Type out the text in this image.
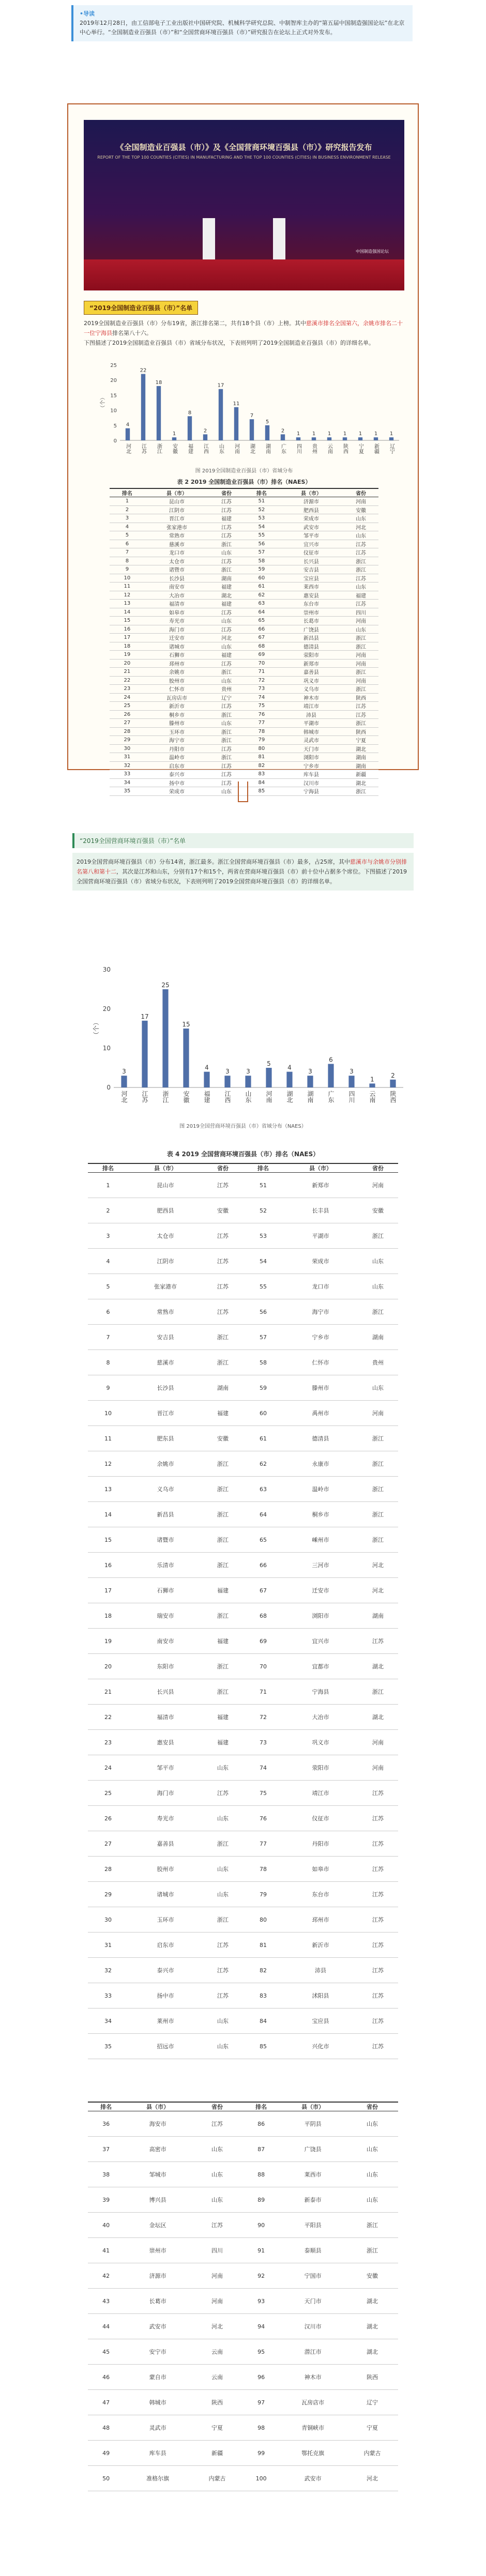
•导读
2019年12月28日，由工信部电子工业出版社中国研究院、机械科学研究总院、中制智库主办的“第五届中国制造强国论坛”在北京中心举行。“全国制造业百强县（市）”和“全国营商环境百强县（市）”研究报告在论坛上正式对外发布。
《全国制造业百强县（市）》及《全国营商环境百强县（市）》研究报告发布
REPORT OF THE TOP 100 COUNTIES (CITIES) IN MANUFACTURING AND THE TOP 100 COUNTIES (CITIES) IN BUSINESS ENVIRONMENT RELEASE
中国制造强国论坛
“2019全国制造业百强县（市）”名单
2019全国制造业百强县（市）分布19省，浙江排名第二，共有18个县（市）上榜。其中慈溪市排名全国第六，余姚市排名二十一位宁海县排名第八十六。
下图描述了2019全国制造业百强县（市）省域分布状况，下表则列明了2019全国制造业百强县（市）的详细名单。
0
5
10
15
20
25
（个）
4
河北
22
江苏
18
浙江
1
安徽
8
福建
2
江西
17
山东
11
河南
7
湖北
5
湖南
2
广东
1
四川
1
贵州
1
云南
1
陕西
1
宁夏
1
新疆
1
辽宁
图 2019全国制造业百强县（市）省域分布
表 2 2019 全国制造业百强县（市）排名（NAES）
排名	县（市）	省份	排名	县（市）	省份
1	昆山市	江苏	51	济源市	河南
2	江阴市	江苏	52	肥西县	安徽
3	晋江市	福建	53	荣成市	山东
4	张家港市	江苏	54	武安市	河北
5	常熟市	江苏	55	邹平市	山东
6	慈溪市	浙江	56	宜兴市	江苏
7	龙口市	山东	57	仪征市	江苏
8	太仓市	江苏	58	长兴县	浙江
9	诸暨市	浙江	59	安吉县	浙江
10	长沙县	湖南	60	宝应县	江苏
11	南安市	福建	61	莱西市	山东
12	大冶市	湖北	62	惠安县	福建
13	福清市	福建	63	东台市	江苏
14	如皋市	江苏	64	崇州市	四川
15	寿光市	山东	65	长葛市	河南
16	海门市	江苏	66	广饶县	山东
17	迁安市	河北	67	新昌县	浙江
18	诸城市	山东	68	德清县	浙江
19	石狮市	福建	69	荥阳市	河南
20	邳州市	江苏	70	新郑市	河南
21	余姚市	浙江	71	嘉善县	浙江
22	胶州市	山东	72	巩义市	河南
23	仁怀市	贵州	73	义乌市	浙江
24	瓦房店市	辽宁	74	神木市	陕西
25	新沂市	江苏	75	靖江市	江苏
26	桐乡市	浙江	76	沛县	江苏
27	滕州市	山东	77	平湖市	浙江
28	玉环市	浙江	78	韩城市	陕西
29	海宁市	浙江	79	灵武市	宁夏
30	丹阳市	江苏	80	天门市	湖北
31	温岭市	浙江	81	浏阳市	湖南
32	启东市	江苏	82	宁乡市	湖南
33	泰兴市	江苏	83	库车县	新疆
34	扬中市	江苏	84	汉川市	湖北
35	荣成市	山东	85	宁海县	浙江
“2019全国营商环境百强县（市）”名单
2019全国营商环境百强县（市）分布14省，浙江最多。浙江全国营商环境百强县（市）最多，占25席，其中慈溪市与余姚市分别排名第八和第十二，其次是江苏和山东，分别有17个和15个，两省在营商环境百强县（市）前十位中占据多个席位。下图描述了2019全国营商环境百强县（市）省域分布状况，下表则列明了2019全国营商环境百强县（市）的详细名单。
0
10
20
30
（个）
3
河北
17
江苏
25
浙江
15
安徽
4
福建
3
江西
3
山东
5
河南
4
湖北
3
湖南
6
广东
3
四川
1
云南
2
陕西
图 2019全国营商环境百强县（市）省域分布（NAES）
表 4 2019 全国营商环境百强县（市）排名（NAES）
排名	县（市）	省份	排名	县（市）	省份
1	昆山市	江苏	51	新郑市	河南
2	肥西县	安徽	52	长丰县	安徽
3	太仓市	江苏	53	平湖市	浙江
4	江阴市	江苏	54	荣成市	山东
5	张家港市	江苏	55	龙口市	山东
6	常熟市	江苏	56	海宁市	浙江
7	安吉县	浙江	57	宁乡市	湖南
8	慈溪市	浙江	58	仁怀市	贵州
9	长沙县	湖南	59	滕州市	山东
10	晋江市	福建	60	禹州市	河南
11	肥东县	安徽	61	德清县	浙江
12	余姚市	浙江	62	永康市	浙江
13	义乌市	浙江	63	温岭市	浙江
14	新昌县	浙江	64	桐乡市	浙江
15	诸暨市	浙江	65	嵊州市	浙江
16	乐清市	浙江	66	三河市	河北
17	石狮市	福建	67	迁安市	河北
18	瑞安市	浙江	68	浏阳市	湖南
19	南安市	福建	69	宜兴市	江苏
20	东阳市	浙江	70	宜都市	湖北
21	长兴县	浙江	71	宁海县	浙江
22	福清市	福建	72	大冶市	湖北
23	惠安县	福建	73	巩义市	河南
24	邹平市	山东	74	荥阳市	河南
25	海门市	江苏	75	靖江市	江苏
26	寿光市	山东	76	仪征市	江苏
27	嘉善县	浙江	77	丹阳市	江苏
28	胶州市	山东	78	如皋市	江苏
29	诸城市	山东	79	东台市	江苏
30	玉环市	浙江	80	邳州市	江苏
31	启东市	江苏	81	新沂市	江苏
32	泰兴市	江苏	82	沛县	江苏
33	扬中市	江苏	83	沭阳县	江苏
34	莱州市	山东	84	宝应县	江苏
35	招远市	山东	85	兴化市	江苏
排名	县（市）	省份	排名	县（市）	省份
36	海安市	江苏	86	平阴县	山东
37	高密市	山东	87	广饶县	山东
38	邹城市	山东	88	莱西市	山东
39	博兴县	山东	89	新泰市	山东
40	金坛区	江苏	90	平阳县	浙江
41	崇州市	四川	91	泰顺县	浙江
42	济源市	河南	92	宁国市	安徽
43	长葛市	河南	93	天门市	湖北
44	武安市	河北	94	汉川市	湖北
45	安宁市	云南	95	潜江市	湖北
46	蒙自市	云南	96	神木市	陕西
47	韩城市	陕西	97	瓦房店市	辽宁
48	灵武市	宁夏	98	青铜峡市	宁夏
49	库车县	新疆	99	鄂托克旗	内蒙古
50	准格尔旗	内蒙古	100	武安市	河北
